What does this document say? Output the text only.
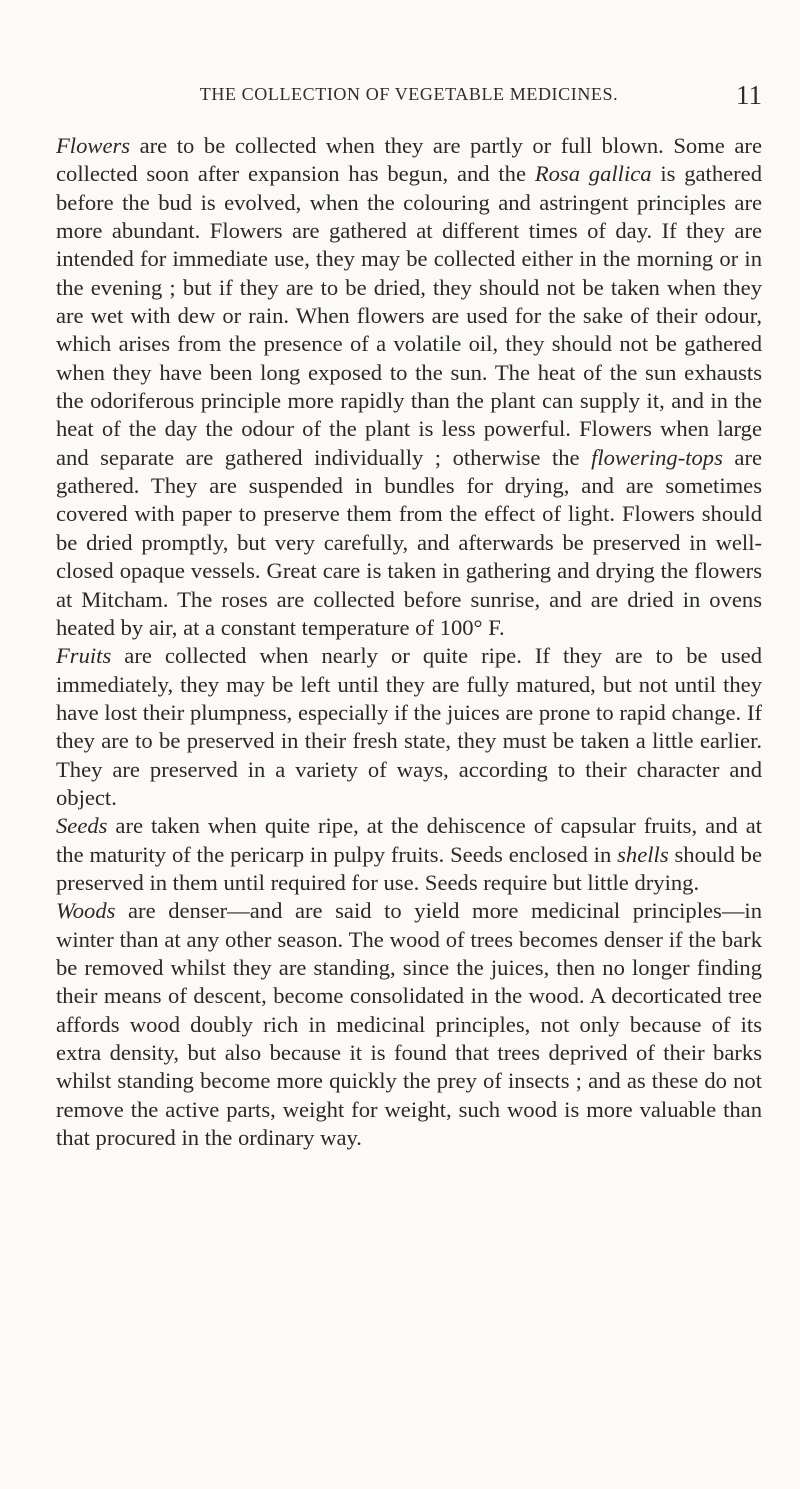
THE COLLECTION OF VEGETABLE MEDICINES.	11

Flowers are to be collected when they are partly or full blown. Some are collected soon after expansion has begun, and the Rosa gallica is gathered before the bud is evolved, when the colouring and astringent principles are more abundant. Flowers are gathered at different times of day. If they are intended for immediate use, they may be collected either in the morning or in the evening ; but if they are to be dried, they should not be taken when they are wet with dew or rain. When flowers are used for the sake of their odour, which arises from the presence of a volatile oil, they should not be gathered when they have been long exposed to the sun. The heat of the sun exhausts the odoriferous principle more rapidly than the plant can supply it, and in the heat of the day the odour of the plant is less powerful. Flowers when large and separate are gathered individually ; otherwise the flowering-tops are gathered. They are suspended in bundles for drying, and are sometimes covered with paper to preserve them from the effect of light. Flowers should be dried promptly, but very carefully, and afterwards be preserved in well-closed opaque vessels. Great care is taken in gathering and drying the flowers at Mitcham. The roses are collected before sunrise, and are dried in ovens heated by air, at a constant temperature of 100° F.

Fruits are collected when nearly or quite ripe. If they are to be used immediately, they may be left until they are fully matured, but not until they have lost their plumpness, especially if the juices are prone to rapid change. If they are to be preserved in their fresh state, they must be taken a little earlier. They are preserved in a variety of ways, according to their character and object.

Seeds are taken when quite ripe, at the dehiscence of capsular fruits, and at the maturity of the pericarp in pulpy fruits. Seeds enclosed in shells should be preserved in them until required for use. Seeds require but little drying.

Woods are denser—and are said to yield more medicinal principles—in winter than at any other season. The wood of trees becomes denser if the bark be removed whilst they are standing, since the juices, then no longer finding their means of descent, become consolidated in the wood. A decorticated tree affords wood doubly rich in medicinal principles, not only because of its extra density, but also because it is found that trees deprived of their barks whilst standing become more quickly the prey of insects ; and as these do not remove the active parts, weight for weight, such wood is more valuable than that procured in the ordinary way.
